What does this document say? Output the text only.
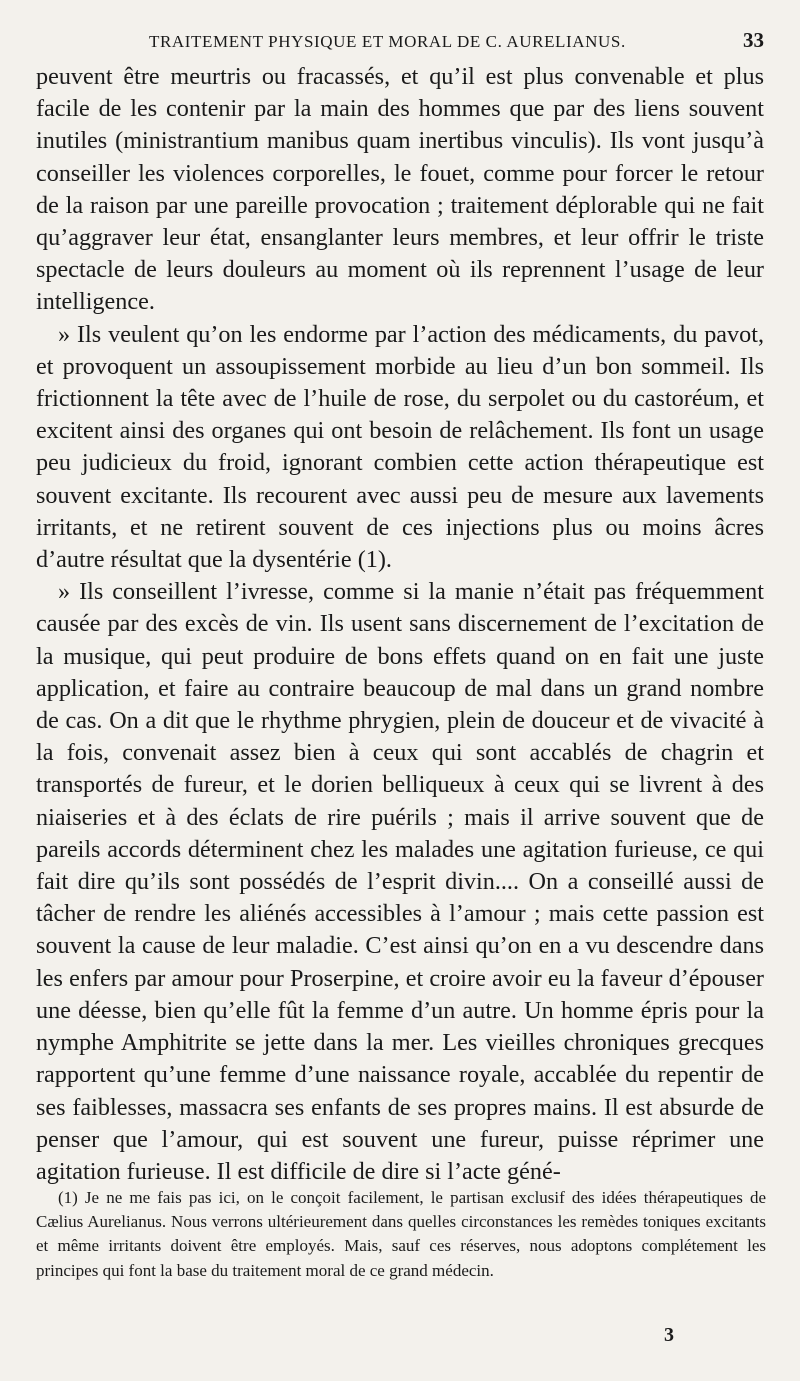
TRAITEMENT PHYSIQUE ET MORAL DE C. AURELIANUS.	33

peuvent être meurtris ou fracassés, et qu’il est plus convenable et plus facile de les contenir par la main des hommes que par des liens souvent inutiles (ministrantium manibus quam inertibus vinculis). Ils vont jusqu’à conseiller les violences corporelles, le fouet, comme pour forcer le retour de la raison par une pareille provocation ; traitement déplorable qui ne fait qu’aggraver leur état, ensanglanter leurs membres, et leur offrir le triste spectacle de leurs douleurs au moment où ils reprennent l’usage de leur intelligence.

» Ils veulent qu’on les endorme par l’action des médicaments, du pavot, et provoquent un assoupissement morbide au lieu d’un bon sommeil. Ils frictionnent la tête avec de l’huile de rose, du serpolet ou du castoréum, et excitent ainsi des organes qui ont besoin de relâchement. Ils font un usage peu judicieux du froid, ignorant combien cette action thérapeutique est souvent excitante. Ils recourent avec aussi peu de mesure aux lavements irritants, et ne retirent souvent de ces injections plus ou moins âcres d’autre résultat que la dysentérie (1).

» Ils conseillent l’ivresse, comme si la manie n’était pas fréquemment causée par des excès de vin. Ils usent sans discernement de l’excitation de la musique, qui peut produire de bons effets quand on en fait une juste application, et faire au contraire beaucoup de mal dans un grand nombre de cas. On a dit que le rhythme phrygien, plein de douceur et de vivacité à la fois, convenait assez bien à ceux qui sont accablés de chagrin et transportés de fureur, et le dorien belliqueux à ceux qui se livrent à des niaiseries et à des éclats de rire puérils ; mais il arrive souvent que de pareils accords déterminent chez les malades une agitation furieuse, ce qui fait dire qu’ils sont possédés de l’esprit divin.... On a conseillé aussi de tâcher de rendre les aliénés accessibles à l’amour ; mais cette passion est souvent la cause de leur maladie. C’est ainsi qu’on en a vu descendre dans les enfers par amour pour Proserpine, et croire avoir eu la faveur d’épouser une déesse, bien qu’elle fût la femme d’un autre. Un homme épris pour la nymphe Amphitrite se jette dans la mer. Les vieilles chroniques grecques rapportent qu’une femme d’une naissance royale, accablée du repentir de ses faiblesses, massacra ses enfants de ses propres mains. Il est absurde de penser que l’amour, qui est souvent une fureur, puisse réprimer une agitation furieuse. Il est difficile de dire si l’acte géné-

(1) Je ne me fais pas ici, on le conçoit facilement, le partisan exclusif des idées thérapeutiques de Cælius Aurelianus. Nous verrons ultérieurement dans quelles circonstances les remèdes toniques excitants et même irritants doivent être employés. Mais, sauf ces réserves, nous adoptons complétement les principes qui font la base du traitement moral de ce grand médecin.

3
